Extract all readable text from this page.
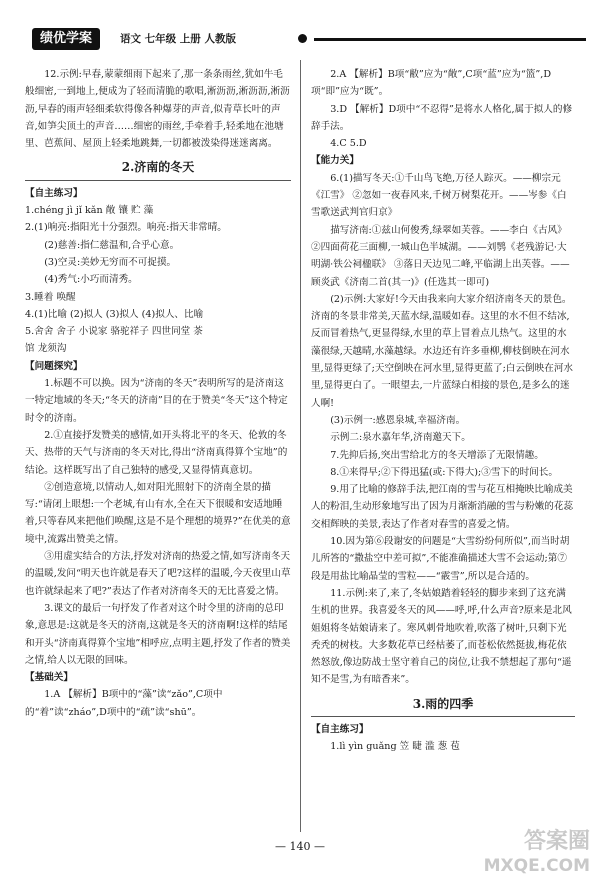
绩优学案	语文 七年级 上册 人教版

12.示例:早春,蒙蒙细雨下起来了,那一条条雨丝,犹如牛毛般细密,一到地上,便成为了轻而清脆的歌唱,淅沥沥,淅沥沥,淅沥沥,早春的雨声轻细柔软得像各种爆芽的声音,似青草长叶的声音,如笋尖顶土的声音……细密的雨丝,手牵着手,轻柔地在池塘里、芭蕉间、屋顶上轻柔地跳舞,一切都被泼染得迷迷离离。

2.济南的冬天

【自主练习】

1.chéng jì jǐ kǎn 敞 镶 贮 藻

2.(1)响亮:指阳光十分强烈。响亮:指天非常晴。

(2)慈善:指仁慈温和,合乎心意。

(3)空灵:美妙无穷而不可捉摸。

(4)秀气:小巧而清秀。

3.睡着 唤醒

4.(1)比喻 (2)拟人 (3)拟人 (4)拟人、比喻

5.舍舍 舍子 小说家 骆驼祥子 四世同堂 茶

馆 龙须沟

【问题探究】

1.标题不可以换。因为“济南的冬天”表明所写的是济南这一特定地域的冬天;“冬天的济南”目的在于赞美“冬天”这个特定时令的济南。

2.①直接抒发赞美的感情,如开头将北平的冬天、伦敦的冬天、热带的天气与济南的冬天对比,得出“济南真得算个宝地”的结论。这样既写出了自己独特的感受,又显得情真意切。

②创造意境,以情动人,如对阳光照射下的济南全景的描写:“请闭上眼想:一个老城,有山有水,全在天下很暖和安适地睡着,只等春风来把他们唤醒,这是不是个理想的境界?”在优美的意境中,流露出赞美之情。

③用虚实结合的方法,抒发对济南的热爱之情,如写济南冬天的温暖,发问“明天也许就是春天了吧?这样的温暖,今天夜里山草也许就绿起来了吧?”表达了作者对济南冬天的无比喜爱之情。

3.课文的最后一句抒发了作者对这个时令里的济南的总印象,意思是:这就是冬天的济南,这就是冬天的济南啊!这样的结尾和开头“济南真得算个宝地”相呼应,点明主题,抒发了作者的赞美之情,给人以无限的回味。

【基础关】

1.A 【解析】B项中的“藻”读“zǎo”,C项中的“着”读“zháo”,D项中的“疏”读“shū”。

2.A 【解析】B项“敝”应为“敞”,C项“蓝”应为“篮”,D项“即”应为“既”。

3.D 【解析】D项中“不忍得”是将水人格化,属于拟人的修辞手法。

4.C 5.D

【能力关】

6.(1)描写冬天:①千山鸟飞绝,万径人踪灭。——柳宗元《江雪》 ②忽如一夜春风来,千树万树梨花开。——岑参《白雪歌送武判官归京》

描写济南:①兹山何俊秀,绿翠如芙蓉。——李白《古风》 ②四面荷花三面柳,一城山色半城湖。——刘鹗《老残游记·大明湖·铁公祠楹联》 ③落日天边见二峰,平临湖上出芙蓉。——顾炎武《济南二首(其一)》(任选其一即可)

(2)示例:大家好!今天由我来向大家介绍济南冬天的景色。济南的冬景非常美,天蓝水绿,温暖如春。这里的水不但不结冰,反而冒着热气,更显得绿,水里的草上冒着点儿热气。这里的水藻很绿,天越晴,水藻越绿。水边还有许多垂柳,柳枝倒映在河水里,显得更绿了;天空倒映在河水里,显得更蓝了;白云倒映在河水里,显得更白了。一眼望去,一片蓝绿白相接的景色,是多么的迷人啊!

(3)示例一:感恩泉城,幸福济南。

示例二:泉水嘉年华,济南邀天下。

7.先抑后扬,突出雪给北方的冬天增添了无限情趣。

8.①来得早;②下得迅猛(或:下得大);③雪下的时间长。

9.用了比喻的修辞手法,把江南的雪与花互相掩映比喻成美人的粉泪,生动形象地写出了因为月渐渐消融的雪与粉嫩的花蕊交相辉映的美景,表达了作者对春雪的喜爱之情。

10.因为第⑥段谢安的问题是“大雪纷纷何所似”,而当时胡儿所答的“撒盐空中差可拟”,不能准确描述大雪不会运动;第⑦段是用盐比喻晶莹的雪粒——“霰雪”,所以是合适的。

11.示例:来了,来了,冬姑娘踏着轻轻的脚步来到了这充满生机的世界。我喜爱冬天的风——呼,呼,什么声音?原来是北风姐姐将冬姑娘请来了。寒风刺骨地吹着,吹落了树叶,只剩下光秃秃的树枝。大多数花草已经枯萎了,而苍松依然挺拔,梅花依然怒放,像边防战士坚守着自己的岗位,让我不禁想起了那句“遥知不是雪,为有暗香来”。

3.雨的四季

【自主练习】

1.lì yìn guǎng 笠 睫 滥 葱 苞

— 140 —	答案圈
MXQE.COM
